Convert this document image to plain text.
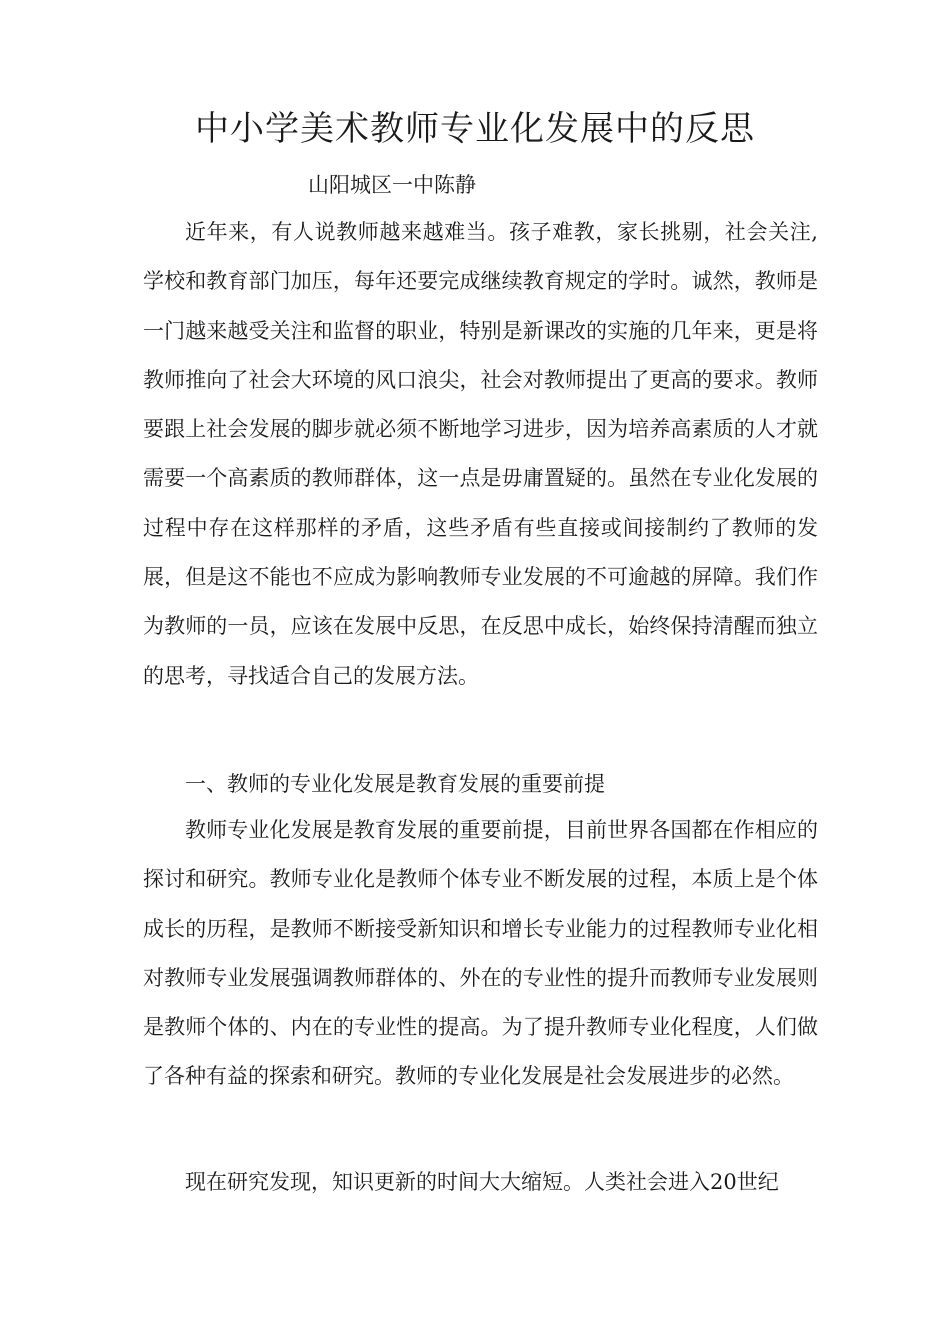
中小学美术教师专业化发展中的反思

山阳城区一中陈静

近年来，有人说教师越来越难当。孩子难教，家长挑剔，社会关注,学校和教育部门加压，每年还要完成继续教育规定的学时。诚然，教师是一门越来越受关注和监督的职业，特别是新课改的实施的几年来，更是将教师推向了社会大环境的风口浪尖，社会对教师提出了更高的要求。教师要跟上社会发展的脚步就必须不断地学习进步，因为培养高素质的人才就需要一个高素质的教师群体，这一点是毋庸置疑的。虽然在专业化发展的过程中存在这样那样的矛盾，这些矛盾有些直接或间接制约了教师的发展，但是这不能也不应成为影响教师专业发展的不可逾越的屏障。我们作为教师的一员，应该在发展中反思，在反思中成长，始终保持清醒而独立的思考，寻找适合自己的发展方法。

一、教师的专业化发展是教育发展的重要前提

教师专业化发展是教育发展的重要前提，目前世界各国都在作相应的探讨和研究。教师专业化是教师个体专业不断发展的过程，本质上是个体成长的历程，是教师不断接受新知识和增长专业能力的过程教师专业化相对教师专业发展强调教师群体的、外在的专业性的提升而教师专业发展则是教师个体的、内在的专业性的提高。为了提升教师专业化程度，人们做了各种有益的探索和研究。教师的专业化发展是社会发展进步的必然。

现在研究发现，知识更新的时间大大缩短。人类社会进入20世纪
